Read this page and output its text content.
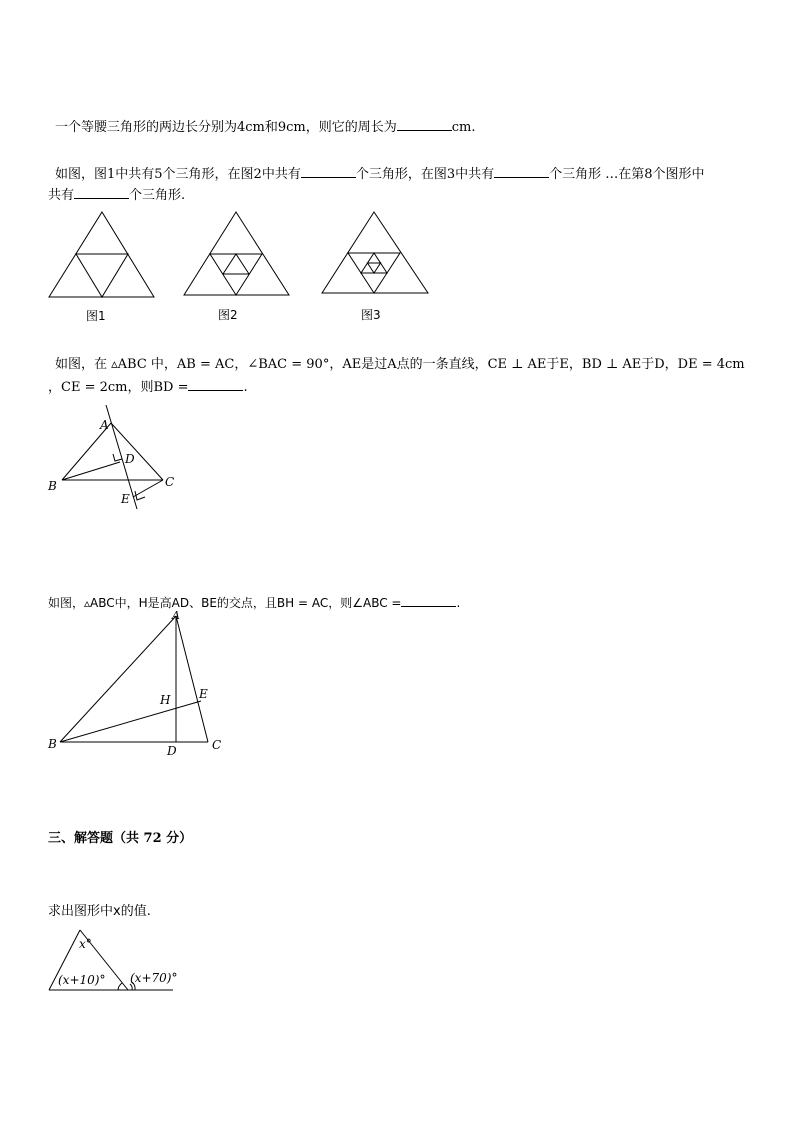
一个等腰三角形的两边长分别为4cm和9cm，则它的周长为	cm.
如图，图1中共有5个三角形，在图2中共有	个三角形，在图3中共有	个三角形 …在第8个图形中
共有	个三角形.
图1	图2	图3
如图，在 ▵ABC 中，AB = AC，∠BAC = 90°，AE是过A点的一条直线，CE ⊥ AE于E，BD ⊥ AE于D，DE = 4cm
，CE = 2cm，则BD =	.
A
B	C
D
E
如图，▵ABC中，H是高AD、BE的交点，且BH = AC，则∠ABC =	.
A
B	C
D
E
H
三、解答题（共 72 分）
求出图形中x的值.
x°
(x+10)° (x+70)°
